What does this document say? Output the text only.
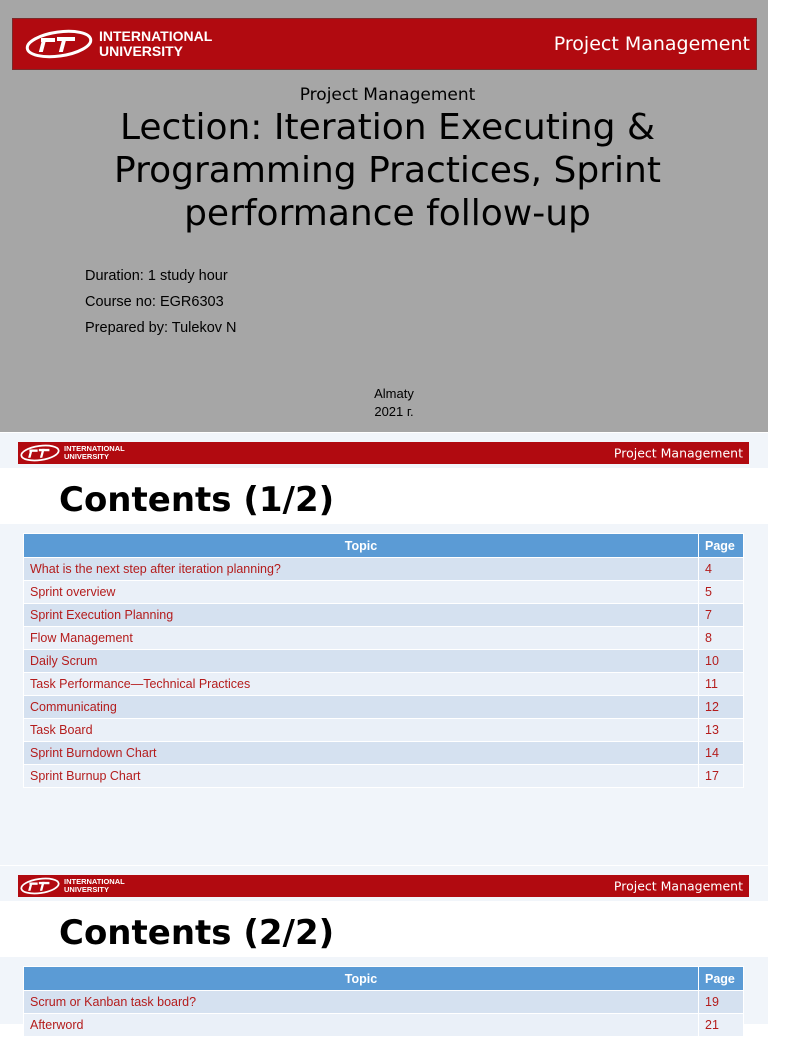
INTERNATIONAL
UNIVERSITY	Project Management
Project Management
Lection: Iteration Executing & Programming Practices, Sprint performance follow-up
Duration: 1 study hour
Course no: EGR6303
Prepared by: Tulekov N
Almaty
2021 г.
INTERNATIONAL
UNIVERSITY	Project Management
Contents (1/2)
Topic	Page
What is the next step after iteration planning?	4
Sprint overview	5
Sprint Execution Planning	7
Flow Management	8
Daily Scrum	10
Task Performance—Technical Practices	11
Communicating	12
Task Board	13
Sprint Burndown Chart	14
Sprint Burnup Chart	17
INTERNATIONAL
UNIVERSITY	Project Management
Contents (2/2)
Topic	Page
Scrum or Kanban task board?	19
Afterword	21
